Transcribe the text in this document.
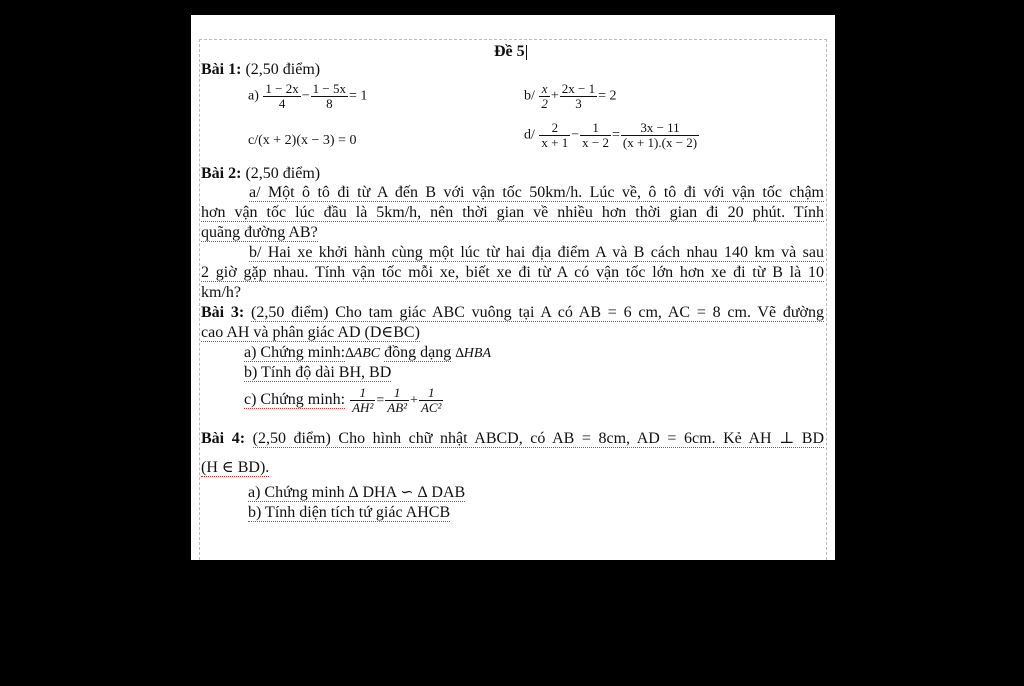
Đề 5
Bài 1: (2,50 điểm)
$a) \frac{1 - 2x}{4} - \frac{1 - 5x}{8} = 1$	$b/ \frac{x}{2} + \frac{2x - 1}{3} = 2$
c/(x + 2)(x − 3) = 0	$d/ \frac{2}{x + 1} - \frac{1}{x - 2} = \frac{3x - 11}{(x + 1).(x - 2)}$
Bài 2: (2,50 điểm)
a/ Một ô tô đi từ A đến B với vận tốc 50km/h. Lúc về, ô tô đi với vận tốc chậm
hơn vận tốc lúc đầu là 5km/h, nên thời gian về nhiều hơn thời gian đi 20 phút. Tính
quãng đường AB?
b/ Hai xe khởi hành cùng một lúc từ hai địa điểm A và B cách nhau 140 km và sau
2 giờ gặp nhau. Tính vận tốc mỗi xe, biết xe đi từ A có vận tốc lớn hơn xe đi từ B là 10
km/h?
Bài 3: (2,50 điểm) Cho tam giác ABC vuông tại A có AB = 6 cm, AC = 8 cm. Vẽ đường
cao AH và phân giác AD (D∈BC)
a) Chứng minh:∆ABC đồng dạng ∆HBA
b) Tính độ dài BH, BD
c) Chứng minh: $\frac{1}{\text{AH²}} = \frac{1}{\text{AB²}} + \frac{1}{\text{AC²}}$
Bài 4: (2,50 điểm) Cho hình chữ nhật ABCD, có AB = 8cm, AD = 6cm. Kẻ AH ⊥ BD
(H ∈ BD).
a) Chứng minh ∆ DHA ∽ ∆ DAB
b) Tính diện tích tứ giác AHCB
